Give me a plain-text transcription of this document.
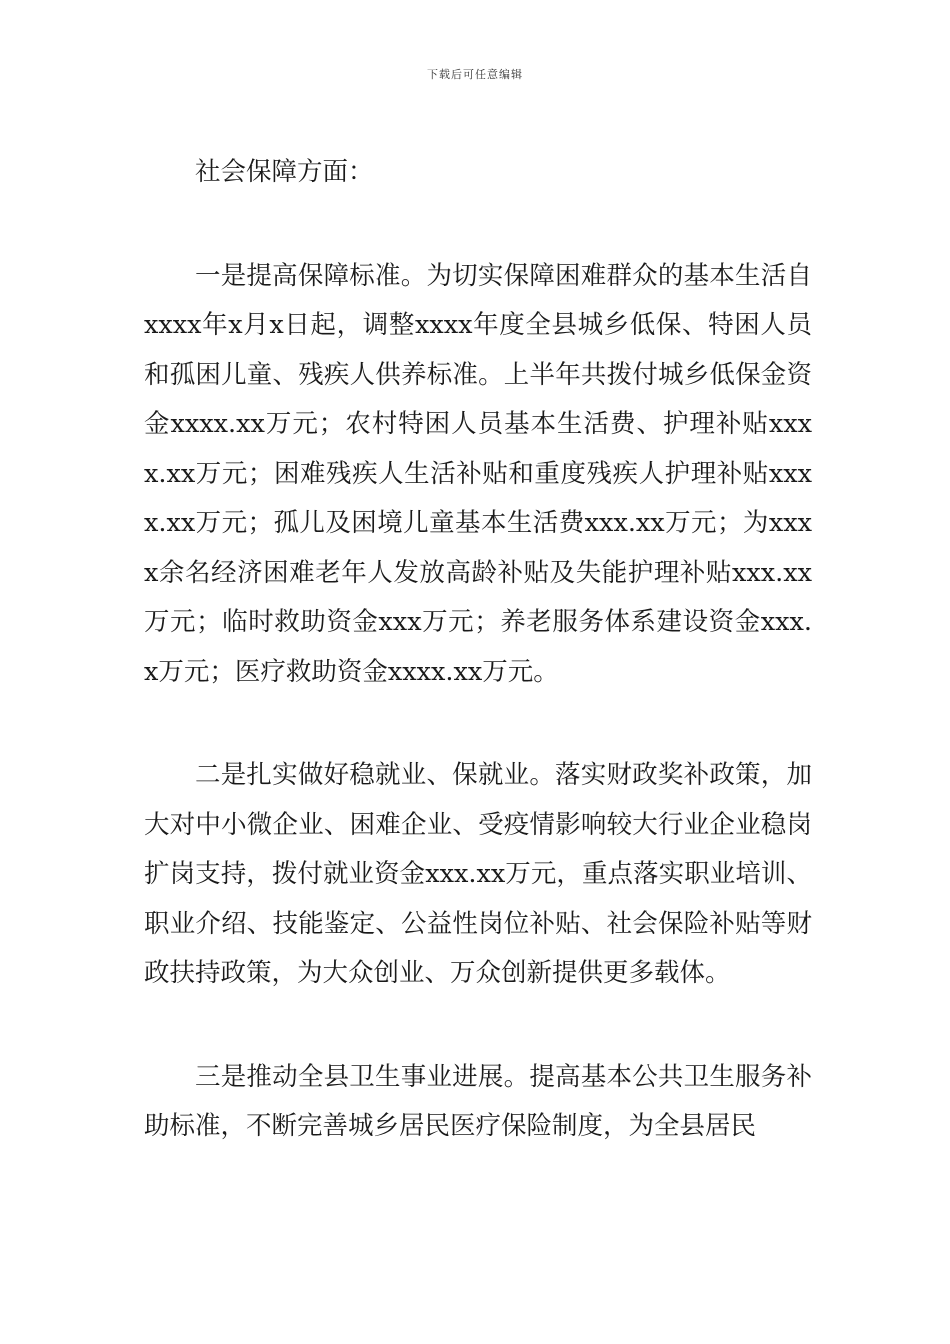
下载后可任意编辑

社会保障方面：

一是提高保障标准。为切实保障困难群众的基本生活自xxxx年x月x日起，调整xxxx年度全县城乡低保、特困人员和孤困儿童、残疾人供养标准。上半年共拨付城乡低保金资金xxxx.xx万元；农村特困人员基本生活费、护理补贴xxxx.xx万元；困难残疾人生活补贴和重度残疾人护理补贴xxxx.xx万元；孤儿及困境儿童基本生活费xxx.xx万元；为xxxx余名经济困难老年人发放高龄补贴及失能护理补贴xxx.xx万元；临时救助资金xxx万元；养老服务体系建设资金xxx.x万元；医疗救助资金xxxx.xx万元。

二是扎实做好稳就业、保就业。落实财政奖补政策，加大对中小微企业、困难企业、受疫情影响较大行业企业稳岗扩岗支持，拨付就业资金xxx.xx万元，重点落实职业培训、职业介绍、技能鉴定、公益性岗位补贴、社会保险补贴等财政扶持政策，为大众创业、万众创新提供更多载体。

三是推动全县卫生事业进展。提高基本公共卫生服务补助标准，不断完善城乡居民医疗保险制度，为全县居民
